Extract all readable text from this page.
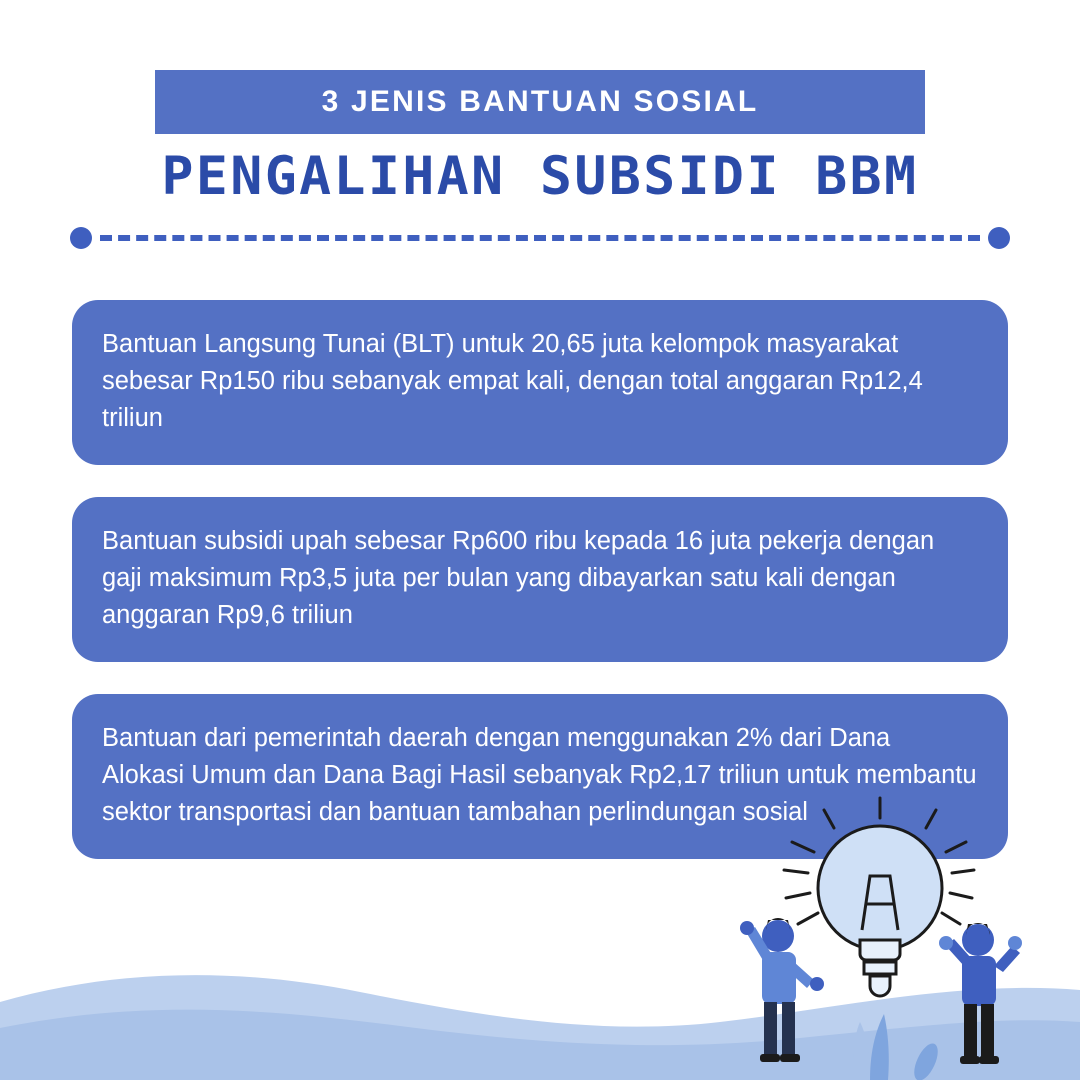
3 JENIS BANTUAN SOSIAL
PENGALIHAN SUBSIDI BBM
Bantuan Langsung Tunai (BLT) untuk 20,65 juta kelompok masyarakat sebesar Rp150 ribu sebanyak empat kali, dengan total anggaran Rp12,4 triliun
Bantuan subsidi upah sebesar Rp600 ribu kepada 16 juta pekerja dengan gaji maksimum Rp3,5 juta per bulan yang dibayarkan satu kali dengan anggaran Rp9,6 triliun
Bantuan dari pemerintah daerah dengan menggunakan 2% dari Dana Alokasi Umum dan Dana Bagi Hasil sebanyak Rp2,17 triliun untuk membantu sektor transportasi dan bantuan tambahan perlindungan sosial
